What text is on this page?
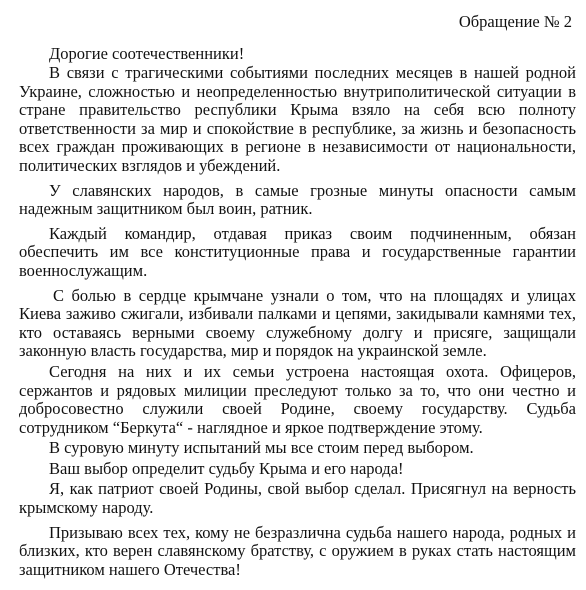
Обращение № 2
Дорогие соотечественники!

В связи с трагическими событиями последних месяцев в нашей родной Украине, сложностью и неопределенностью внутриполитической ситуации в стране правительство республики Крыма взяло на себя всю полноту ответственности за мир и спокойствие в республике, за жизнь и безопасность всех граждан проживающих в регионе в независимости от национальности, политических взглядов и убеждений.

У славянских народов, в самые грозные минуты опасности самым надежным защитником был воин, ратник.

Каждый командир, отдавая приказ своим подчиненным, обязан обеспечить им все конституционные права и государственные гарантии военнослужащим.

С болью в сердце крымчане узнали о том, что на площадях и улицах Киева заживо сжигали, избивали палками и цепями, закидывали камнями тех, кто оставаясь верными своему служебному долгу и присяге, защищали законную власть государства, мир и порядок на украинской земле.

Сегодня на них и их семьи устроена настоящая охота. Офицеров, сержантов и рядовых милиции преследуют только за то, что они честно и добросовестно служили своей Родине, своему государству. Судьба сотрудником “Беркута“ - наглядное и яркое подтверждение этому.

В суровую минуту испытаний мы все стоим перед выбором.

Ваш выбор определит судьбу Крыма и его народа!

Я, как патриот своей Родины, свой выбор сделал. Присягнул на верность крымскому народу.

Призываю всех тех, кому не безразлична судьба нашего народа, родных и близких, кто верен славянскому братству, с оружием в руках стать настоящим защитником нашего Отечества!
